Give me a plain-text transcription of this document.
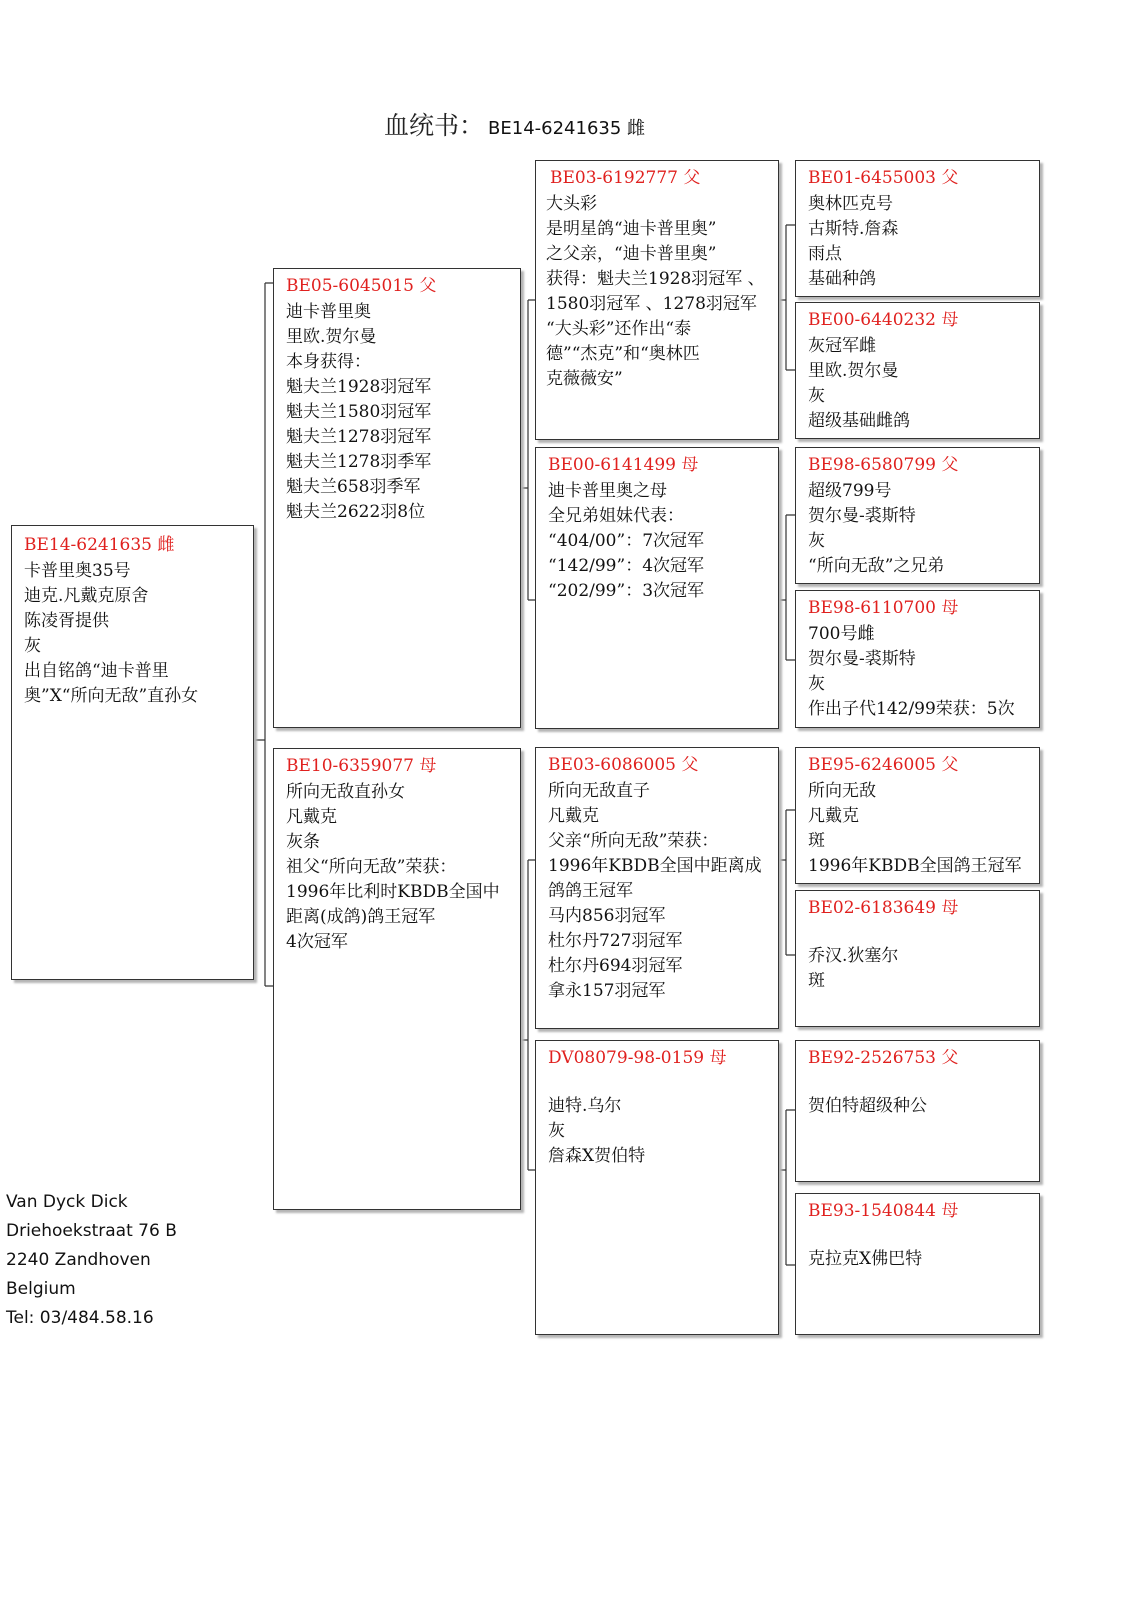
血统书： BE14-6241635 雌
BE14-6241635 雌
卡普里奥35号
迪克.凡戴克原舍
陈凌胥提供
灰
出自铭鸽“迪卡普里
奥”X“所向无敌”直孙女
BE05-6045015 父
迪卡普里奥
里欧.贺尔曼
本身获得：
魁夫兰1928羽冠军
魁夫兰1580羽冠军
魁夫兰1278羽冠军
魁夫兰1278羽季军
魁夫兰658羽季军
魁夫兰2622羽8位
BE10-6359077 母
所向无敌直孙女
凡戴克
灰条
祖父“所向无敌”荣获：
1996年比利时KBDB全国中
距离(成鸽)鸽王冠军
4次冠军
BE03-6192777 父
大头彩
是明星鸽“迪卡普里奥”
之父亲，“迪卡普里奥”
获得：魁夫兰1928羽冠军 、
1580羽冠军 、1278羽冠军
“大头彩”还作出“泰
德”“杰克”和“奥林匹
克薇薇安”
BE00-6141499 母
迪卡普里奥之母
全兄弟姐妹代表：
“404/00”：7次冠军
“142/99”：4次冠军
“202/99”：3次冠军
BE03-6086005 父
所向无敌直子
凡戴克
父亲“所向无敌”荣获：
1996年KBDB全国中距离成
鸽鸽王冠军
马内856羽冠军
杜尔丹727羽冠军
杜尔丹694羽冠军
拿永157羽冠军
DV08079-98-0159 母
迪特.乌尔
灰
詹森X贺伯特
BE01-6455003 父
奥林匹克号
古斯特.詹森
雨点
基础种鸽
BE00-6440232 母
灰冠军雌
里欧.贺尔曼
灰
超级基础雌鸽
BE98-6580799 父
超级799号
贺尔曼-裘斯特
灰
“所向无敌”之兄弟
BE98-6110700 母
700号雌
贺尔曼-裘斯特
灰
作出子代142/99荣获：5次
BE95-6246005 父
所向无敌
凡戴克
斑
1996年KBDB全国鸽王冠军
BE02-6183649 母
乔汉.狄塞尔
斑
BE92-2526753 父
贺伯特超级种公
BE93-1540844 母
克拉克X佛巴特
Van Dyck Dick
Driehoekstraat 76 B
2240 Zandhoven
Belgium
Tel: 03/484.58.16
